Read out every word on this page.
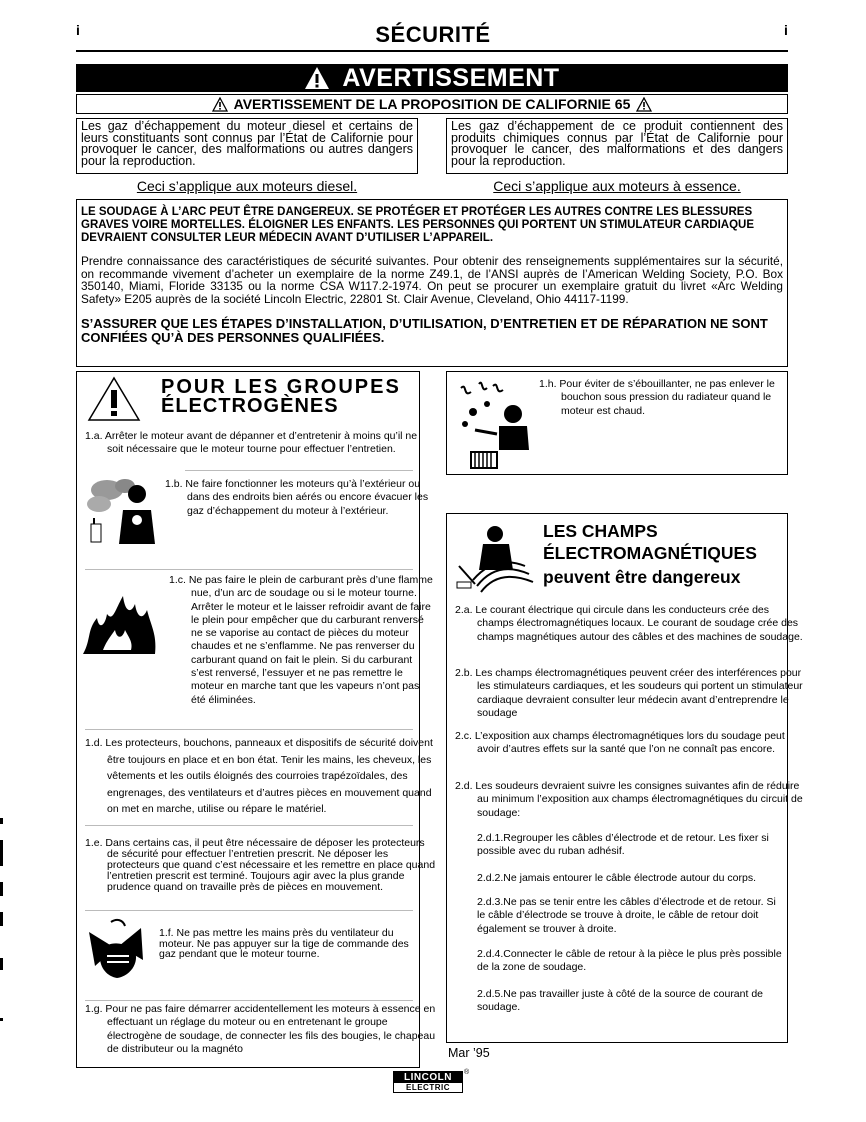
i	SÉCURITÉ	i
AVERTISSEMENT
AVERTISSEMENT DE LA PROPOSITION DE CALIFORNIE 65
Les gaz d’échappement du moteur diesel et certains de leurs constituants sont connus par l’État de Californie pour provoquer le cancer, des malformations ou autres dangers pour la reproduction.
Les gaz d’échappement de ce produit contiennent des produits chimiques connus par l’État de Californie pour provoquer le cancer, des malformations et des dangers pour la reproduction.
Ceci s’applique aux moteurs diesel.	Ceci s’applique aux moteurs à essence.
LE SOUDAGE À L’ARC PEUT ÊTRE DANGEREUX. SE PROTÉGER ET PROTÉGER LES AUTRES CONTRE LES BLESSURES GRAVES VOIRE MORTELLES. ÉLOIGNER LES ENFANTS. LES PERSONNES QUI PORTENT UN STIMULATEUR CARDIAQUE DEVRAIENT CONSULTER LEUR MÉDECIN AVANT D’UTILISER L’APPAREIL.
Prendre connaissance des caractéristiques de sécurité suivantes. Pour obtenir des renseignements supplémentaires sur la sécurité, on recommande vivement d’acheter un exemplaire de la norme Z49.1, de l’ANSI auprès de l’American Welding Society, P.O. Box 350140, Miami, Floride 33135 ou la norme CSA W117.2-1974. On peut se procurer un exemplaire gratuit du livret «Arc Welding Safety» E205 auprès de la société Lincoln Electric, 22801 St. Clair Avenue, Cleveland, Ohio 44117-1199.
S’ASSURER QUE LES ÉTAPES D’INSTALLATION, D’UTILISATION, D’ENTRETIEN ET DE RÉPARATION NE SONT CONFIÉES QU’À DES PERSONNES QUALIFIÉES.
POUR LES GROUPES
ÉLECTROGÈNES
1.a. Arrêter le moteur avant de dépanner et d’entretenir à moins qu’il ne soit nécessaire que le moteur tourne pour effectuer l’entretien.
1.b. Ne faire fonctionner les moteurs qu’à l’extérieur ou dans des endroits bien aérés ou encore évacuer les gaz d’échappement du moteur à l’extérieur.
1.c. Ne pas faire le plein de carburant près d’une flamme nue, d’un arc de soudage ou si le moteur tourne. Arrêter le moteur et le laisser refroidir avant de faire le plein pour empêcher que du carburant renversé ne se vaporise au contact de pièces du moteur chaudes et ne s’enflamme. Ne pas renverser du carburant quand on fait le plein. Si du carburant s’est renversé, l’essuyer et ne pas remettre le moteur en marche tant que les vapeurs n’ont pas été éliminées.
1.d. Les protecteurs, bouchons, panneaux et dispositifs de sécurité doivent être toujours en place et en bon état. Tenir les mains, les cheveux, les vêtements et les outils éloignés des courroies trapézoïdales, des engrenages, des ventilateurs et d’autres pièces en mouvement quand on met en marche, utilise ou répare le matériel.
1.e. Dans certains cas, il peut être nécessaire de déposer les protecteurs de sécurité pour effectuer l’entretien prescrit. Ne déposer les protecteurs que quand c’est nécessaire et les remettre en place quand l’entretien prescrit est terminé. Toujours agir avec la plus grande prudence quand on travaille près de pièces en mouvement.
1.f. Ne pas mettre les mains près du ventilateur du moteur. Ne pas appuyer sur la tige de commande des gaz pendant que le moteur tourne.
1.g. Pour ne pas faire démarrer accidentellement les moteurs à essence en effectuant un réglage du moteur ou en entretenant le groupe électrogène de soudage, de connecter les fils des bougies, le chapeau de distributeur ou la magnéto
1.h. Pour éviter de s’ébouillanter, ne pas enlever le bouchon sous pression du radiateur quand le moteur est chaud.
LES CHAMPS
ÉLECTROMAGNÉTIQUES
peuvent être dangereux
2.a. Le courant électrique qui circule dans les conducteurs crée des champs électromagnétiques locaux. Le courant de soudage crée des champs magnétiques autour des câbles et des machines de soudage.
2.b. Les champs électromagnétiques peuvent créer des interférences pour les stimulateurs cardiaques, et les soudeurs qui portent un stimulateur cardiaque devraient consulter leur médecin avant d’entreprendre le soudage
2.c. L’exposition aux champs électromagnétiques lors du soudage peut avoir d’autres effets sur la santé que l’on ne connaît pas encore.
2.d. Les soudeurs devraient suivre les consignes suivantes afin de réduire au minimum l’exposition aux champs électromagnétiques du circuit de soudage:
2.d.1.Regrouper les câbles d’électrode et de retour. Les fixer si possible avec du ruban adhésif.
2.d.2.Ne jamais entourer le câble électrode autour du corps.
2.d.3.Ne pas se tenir entre les câbles d’électrode et de retour. Si le câble d’électrode se trouve à droite, le câble de retour doit également se trouver à droite.
2.d.4.Connecter le câble de retour à la pièce le plus près possible de la zone de soudage.
2.d.5.Ne pas travailler juste à côté de la source de courant de soudage.
Mar ’95
LINCOLN
ELECTRIC
®
